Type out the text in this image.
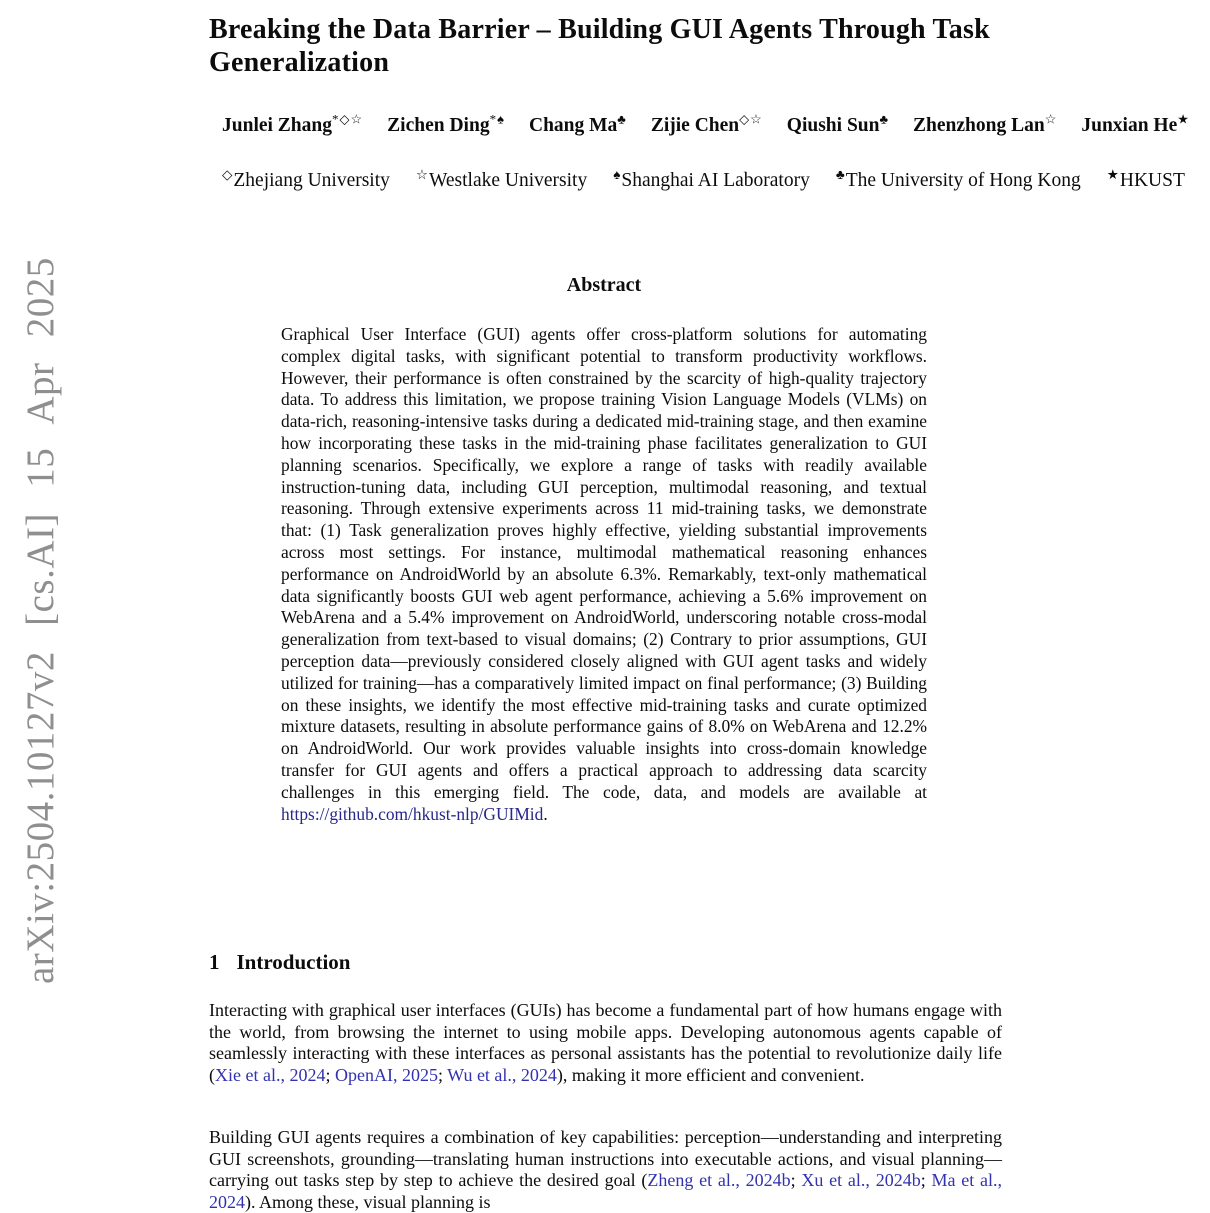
arXiv:2504.10127v2 [cs.AI] 15 Apr 2025
Breaking the Data Barrier – Building GUI Agents Through Task Generalization
Junlei Zhang*◇☆ Zichen Ding*♠ Chang Ma♣ Zijie Chen◇☆ Qiushi Sun♣ Zhenzhong Lan☆ Junxian He★
◇Zhejiang University ☆Westlake University ♠Shanghai AI Laboratory ♣The University of Hong Kong ★HKUST
Abstract
Graphical User Interface (GUI) agents offer cross-platform solutions for automating complex digital tasks, with significant potential to transform productivity workflows. However, their performance is often constrained by the scarcity of high-quality trajectory data. To address this limitation, we propose training Vision Language Models (VLMs) on data-rich, reasoning-intensive tasks during a dedicated mid-training stage, and then examine how incorporating these tasks in the mid-training phase facilitates generalization to GUI planning scenarios. Specifically, we explore a range of tasks with readily available instruction-tuning data, including GUI perception, multimodal reasoning, and textual reasoning. Through extensive experiments across 11 mid-training tasks, we demonstrate that: (1) Task generalization proves highly effective, yielding substantial improvements across most settings. For instance, multimodal mathematical reasoning enhances performance on AndroidWorld by an absolute 6.3%. Remarkably, text-only mathematical data significantly boosts GUI web agent performance, achieving a 5.6% improvement on WebArena and a 5.4% improvement on AndroidWorld, underscoring notable cross-modal generalization from text-based to visual domains; (2) Contrary to prior assumptions, GUI perception data—previously considered closely aligned with GUI agent tasks and widely utilized for training—has a comparatively limited impact on final performance; (3) Building on these insights, we identify the most effective mid-training tasks and curate optimized mixture datasets, resulting in absolute performance gains of 8.0% on WebArena and 12.2% on AndroidWorld. Our work provides valuable insights into cross-domain knowledge transfer for GUI agents and offers a practical approach to addressing data scarcity challenges in this emerging field. The code, data, and models are available at https://github.com/hkust-nlp/GUIMid.
1 Introduction
Interacting with graphical user interfaces (GUIs) has become a fundamental part of how humans engage with the world, from browsing the internet to using mobile apps. Developing autonomous agents capable of seamlessly interacting with these interfaces as personal assistants has the potential to revolutionize daily life (Xie et al., 2024; OpenAI, 2025; Wu et al., 2024), making it more efficient and convenient.
Building GUI agents requires a combination of key capabilities: perception—understanding and interpreting GUI screenshots, grounding—translating human instructions into executable actions, and visual planning—carrying out tasks step by step to achieve the desired goal (Zheng et al., 2024b; Xu et al., 2024b; Ma et al., 2024). Among these, visual planning is
